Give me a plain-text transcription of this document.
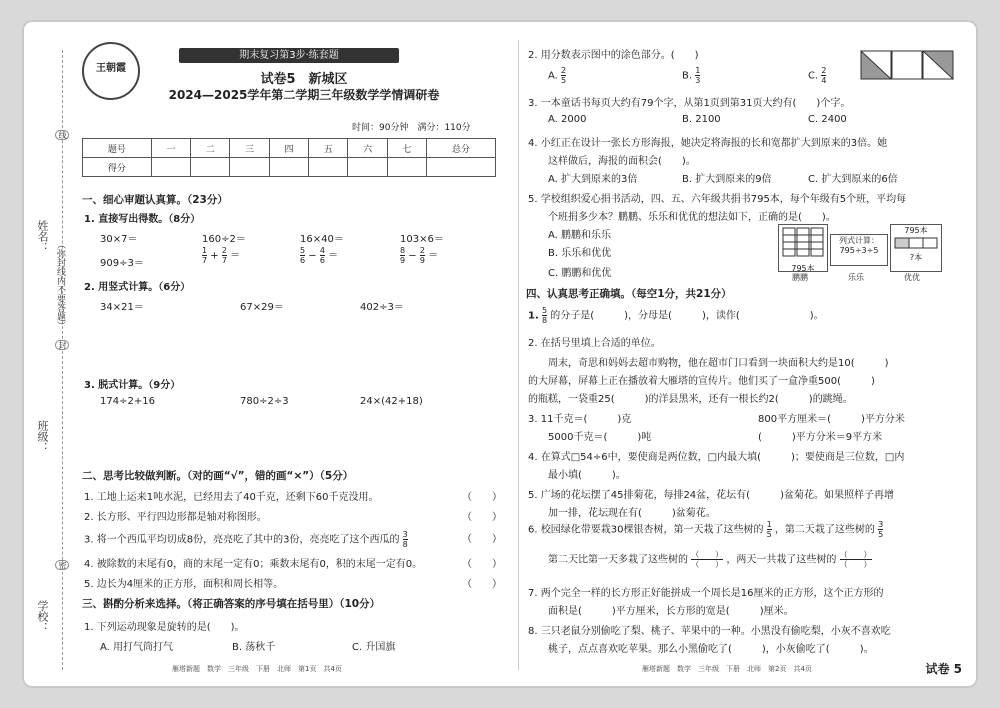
姓名：
班级：
学校：
（弥封线内不要答题）
线
封
密
王朝霞
期末复习第3步·练套题
试卷5　新城区
2024—2025学年第二学期三年级数学学情调研卷
时间：90分钟　满分：110分
题号	一	二	三	四	五	六	七	总分
得分								
一、细心审题认真算。（23分）
1. 直接写出得数。（8分）
30×7＝	160÷2＝	16×40＝	103×6＝
909÷3＝	$\frac{1}{7} + \frac{2}{7}$ ＝	$\frac{5}{6} - \frac{4}{6}$ ＝	$\frac{8}{9} - \frac{2}{9}$ ＝
2. 用竖式计算。（6分）
34×21＝	67×29＝	402÷3＝
3. 脱式计算。（9分）
174÷2+16	780÷2÷3	24×(42+18)
二、思考比较做判断。（对的画“√”，错的画“×”）（5分）
1. 工地上运来1吨水泥，已经用去了40千克，还剩下60千克没用。	（　　）
2. 长方形、平行四边形都是轴对称图形。	（　　）
3. 将一个西瓜平均切成8份，亮亮吃了其中的3份，亮亮吃了这个西瓜的 $\frac{3}{8}$	（　　）
4. 被除数的末尾有0，商的末尾一定有0；乘数末尾有0，积的末尾一定有0。	（　　）
5. 边长为4厘米的正方形，面积和周长相等。	（　　）
三、斟酌分析来选择。（将正确答案的序号填在括号里）（10分）
1. 下列运动现象是旋转的是(　　)。
A. 用打气筒打气	B. 荡秋千	C. 升国旗
雁塔新题　数学　三年级　下册　北师　第1页　共4页
2. 用分数表示图中的涂色部分。(　　)
A. $\frac{2}{5}$	B. $\frac{1}{3}$	C. $\frac{2}{4}$
3. 一本童话书每页大约有79个字，从第1页到第31页大约有(　　)个字。
A. 2000	B. 2100	C. 2400
4. 小红正在设计一张长方形海报，她决定将海报的长和宽都扩大到原来的3倍。她
这样做后，海报的面积会(　　)。
A. 扩大到原来的3倍	B. 扩大到原来的9倍	C. 扩大到原来的6倍
5. 学校组织爱心捐书活动，四、五、六年级共捐书795本，每个年级有5个班，平均每
个班捐多少本？鹏鹏、乐乐和优优的想法如下，正确的是(　　)。
A. 鹏鹏和乐乐
B. 乐乐和优优
C. 鹏鹏和优优	795本
鹏鹏
列式计算：
795÷3÷5
乐乐
795本
?本
优优
四、认真思考正确填。（每空1分，共21分）
1. $\frac{5}{8}$ 的分子是(　　　)，分母是(　　　)，读作(　　　　　　　)。
2. 在括号里填上合适的单位。
周末，奇思和妈妈去超市购物，他在超市门口看到一块面积大约是10(　　　)
的大屏幕，屏幕上正在播放着大雁塔的宣传片。他们买了一盒净重500(　　　)
的瓶糕，一袋重25(　　　)的洋县黑米，还有一根长约2(　　　)的跳绳。
3. 11千克＝(　　　)克	800平方厘米＝(　　　)平方分米
5000千克＝(　　　)吨	(　　　)平方分米＝9平方米
4. 在算式□54÷6中，要使商是两位数，□内最大填(　　　)；要使商是三位数，□内
最小填(　　　)。
5. 广场的花坛摆了45排菊花，每排24盆，花坛有(　　　)盆菊花。如果照样子再增
加一排，花坛现在有(　　　)盆菊花。
6. 校园绿化带要栽30棵银杏树，第一天栽了这些树的 $\frac{1}{5}$ ，第二天栽了这些树的 $\frac{3}{5}$
第二天比第一天多栽了这些树的 $\frac{( )}{( )}$ ，两天一共栽了这些树的 $\frac{( )}{( )}$
7. 两个完全一样的长方形正好能拼成一个周长是16厘米的正方形，这个正方形的
面积是(　　　)平方厘米，长方形的宽是(　　　)厘米。
8. 三只老鼠分别偷吃了梨、桃子、苹果中的一种。小黑没有偷吃梨，小灰不喜欢吃
桃子，点点喜欢吃苹果。那么小黑偷吃了(　　　)，小灰偷吃了(　　　)。
雁塔新题　数学　三年级　下册　北师　第2页　共4页	试卷 5
